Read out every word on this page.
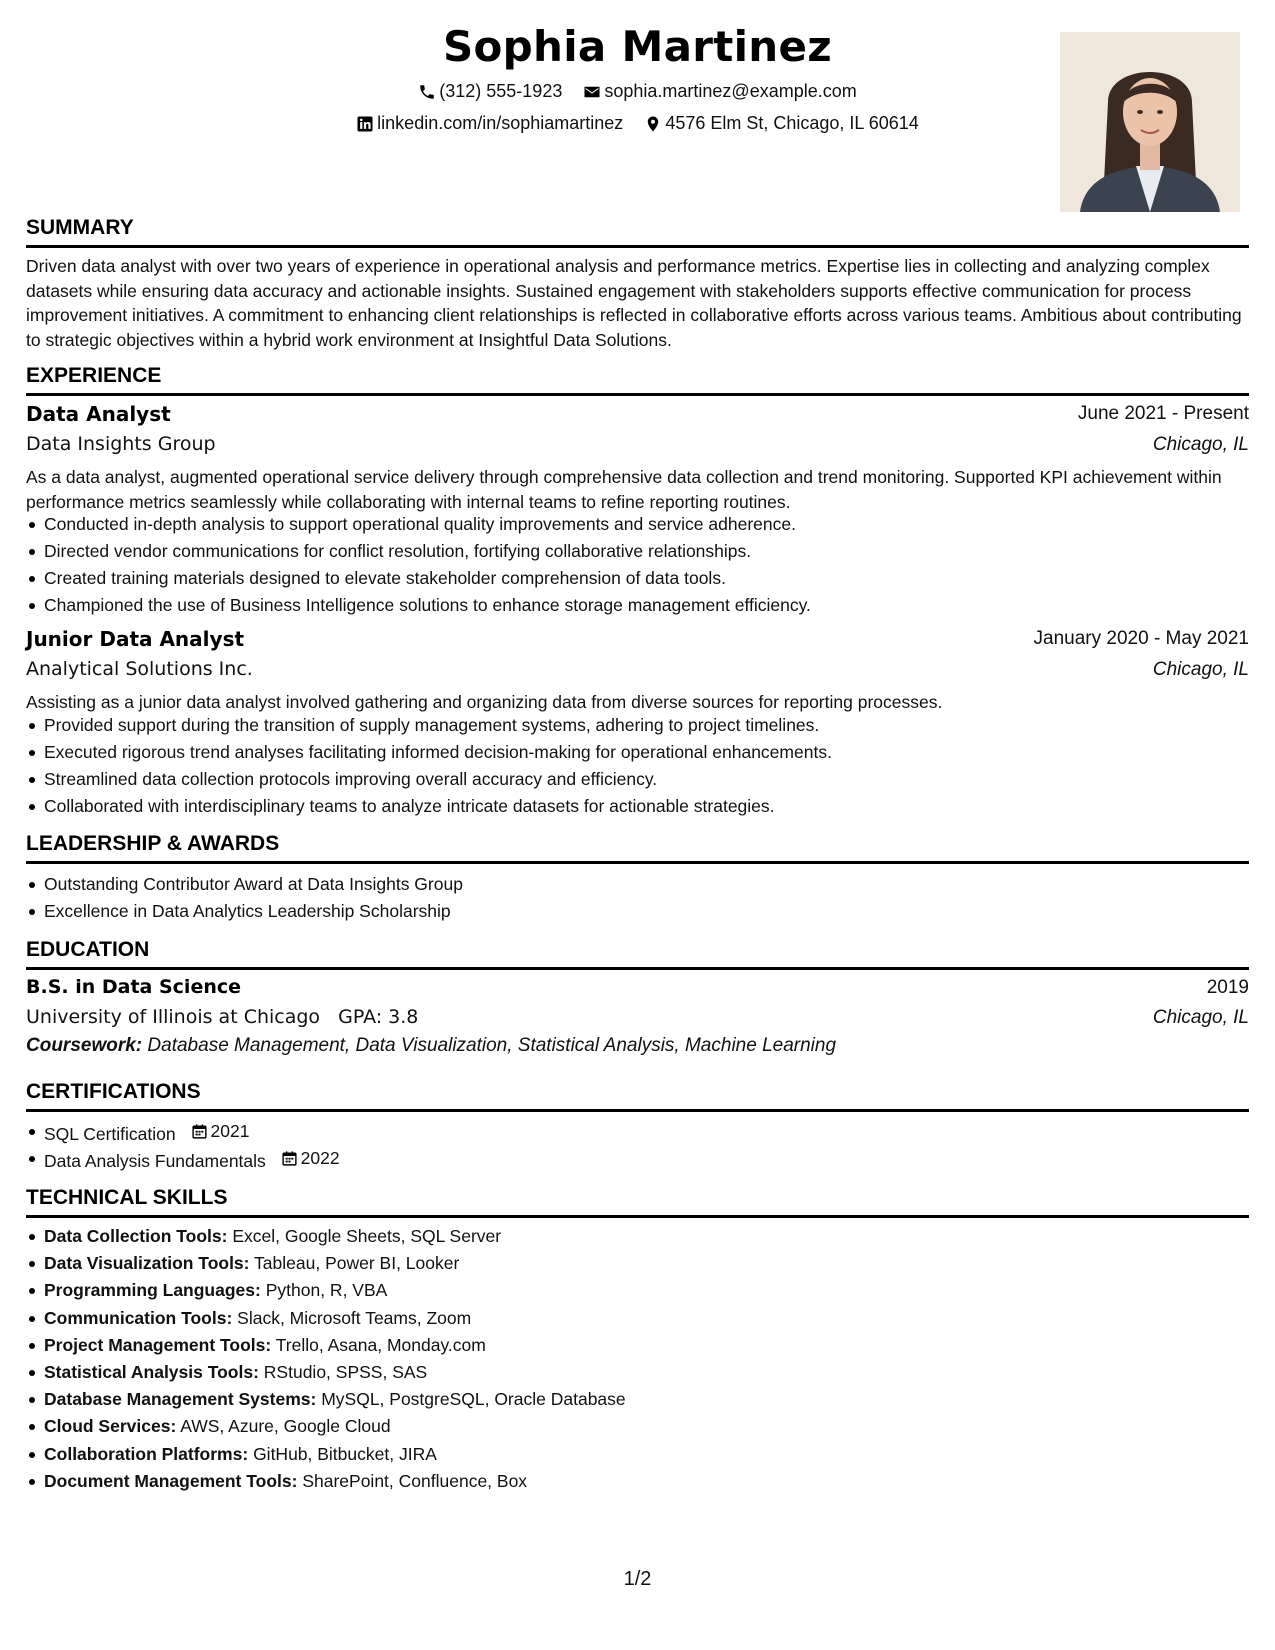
Sophia Martinez
(312) 555-1923
sophia.martinez@example.com
linkedin.com/in/sophiamartinez
4576 Elm St, Chicago, IL 60614
SUMMARY
Driven data analyst with over two years of experience in operational analysis and performance metrics. Expertise lies in collecting and analyzing complex datasets while ensuring data accuracy and actionable insights. Sustained engagement with stakeholders supports effective communication for process improvement initiatives. A commitment to enhancing client relationships is reflected in collaborative efforts across various teams. Ambitious about contributing to strategic objectives within a hybrid work environment at Insightful Data Solutions.
EXPERIENCE
Data Analyst	June 2021 - Present
Data Insights Group	Chicago, IL
As a data analyst, augmented operational service delivery through comprehensive data collection and trend monitoring. Supported KPI achievement within performance metrics seamlessly while collaborating with internal teams to refine reporting routines.
Conducted in-depth analysis to support operational quality improvements and service adherence.
Directed vendor communications for conflict resolution, fortifying collaborative relationships.
Created training materials designed to elevate stakeholder comprehension of data tools.
Championed the use of Business Intelligence solutions to enhance storage management efficiency.
Junior Data Analyst	January 2020 - May 2021
Analytical Solutions Inc.	Chicago, IL
Assisting as a junior data analyst involved gathering and organizing data from diverse sources for reporting processes.
Provided support during the transition of supply management systems, adhering to project timelines.
Executed rigorous trend analyses facilitating informed decision-making for operational enhancements.
Streamlined data collection protocols improving overall accuracy and efficiency.
Collaborated with interdisciplinary teams to analyze intricate datasets for actionable strategies.
LEADERSHIP & AWARDS
Outstanding Contributor Award at Data Insights Group
Excellence in Data Analytics Leadership Scholarship
EDUCATION
B.S. in Data Science	2019
University of Illinois at Chicago GPA: 3.8	Chicago, IL
Coursework: Database Management, Data Visualization, Statistical Analysis, Machine Learning
CERTIFICATIONS
SQL Certification 2021
Data Analysis Fundamentals 2022
TECHNICAL SKILLS
Data Collection Tools: Excel, Google Sheets, SQL Server
Data Visualization Tools: Tableau, Power BI, Looker
Programming Languages: Python, R, VBA
Communication Tools: Slack, Microsoft Teams, Zoom
Project Management Tools: Trello, Asana, Monday.com
Statistical Analysis Tools: RStudio, SPSS, SAS
Database Management Systems: MySQL, PostgreSQL, Oracle Database
Cloud Services: AWS, Azure, Google Cloud
Collaboration Platforms: GitHub, Bitbucket, JIRA
Document Management Tools: SharePoint, Confluence, Box
1/2
